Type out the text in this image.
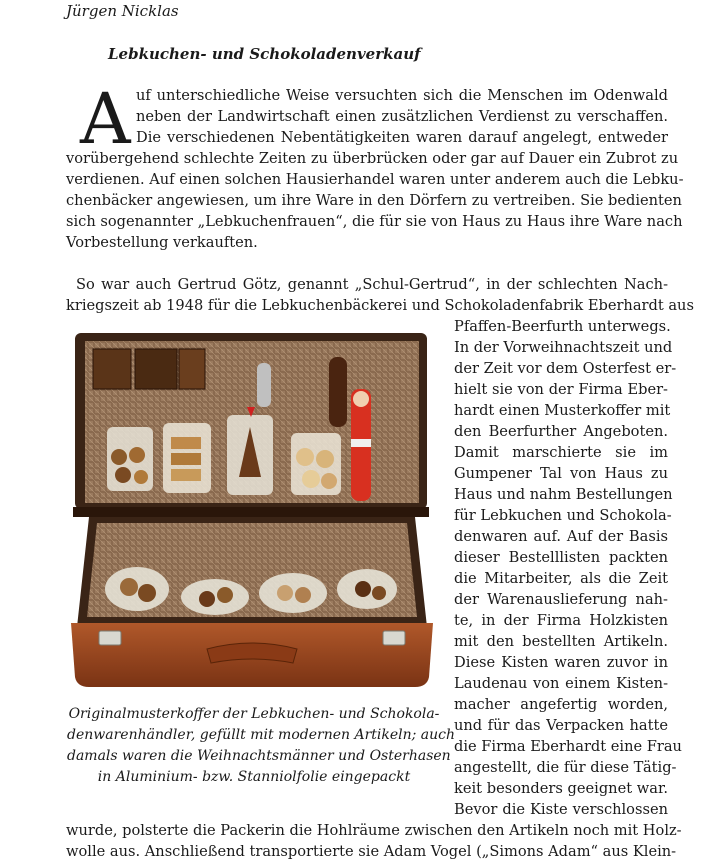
Jürgen Nicklas
Lebkuchen- und Schokoladenverkauf
A uf unterschiedliche Weise versuchten sich die Menschen im Odenwald
neben der Landwirtschaft einen zusätzlichen Verdienst zu verschaffen.
Die verschiedenen Nebentätigkeiten waren darauf angelegt, entweder
vorübergehend schlechte Zeiten zu überbrücken oder gar auf Dauer ein Zubrot zu
verdienen. Auf einen solchen Hausierhandel waren unter anderem auch die Lebku-
chenbäcker angewiesen, um ihre Ware in den Dörfern zu vertreiben. Sie bedienten
sich sogenannter „Lebkuchenfrauen“, die für sie von Haus zu Haus ihre Ware nach
Vorbestellung verkauften.
So war auch Gertrud Götz, genannt „Schul-Gertrud“, in der schlechten Nach-
kriegszeit ab 1948 für die Lebkuchenbäckerei und Schokoladenfabrik Eberhardt aus
Pfaffen-Beerfurth unterwegs.
In der Vorweihnachtszeit und
der Zeit vor dem Osterfest er-
hielt sie von der Firma Eber-
hardt einen Musterkoffer mit
den Beerfurther Angeboten.
Damit marschierte sie im
Gumpener Tal von Haus zu
Haus und nahm Bestellungen
für Lebkuchen und Schokola-
denwaren auf. Auf der Basis
dieser Bestelllisten packten
die Mitarbeiter, als die Zeit
der Warenauslieferung nah-
te, in der Firma Holzkisten
mit den bestellten Artikeln.
Diese Kisten waren zuvor in
Laudenau von einem Kisten-
macher angefertig worden,
und für das Verpacken hatte
die Firma Eberhardt eine Frau
angestellt, die für diese Tätig-
keit besonders geeignet war.
Bevor die Kiste verschlossen
Originalmusterkoffer der Lebkuchen- und Schokola-
denwarenhändler, gefüllt mit modernen Artikeln; auch
damals waren die Weihnachtsmänner und Osterhasen
in Aluminium- bzw. Stanniolfolie eingepackt
wurde, polsterte die Packerin die Hohlräume zwischen den Artikeln noch mit Holz-
wolle aus. Anschließend transportierte sie Adam Vogel („Simons Adam“ aus Klein-
